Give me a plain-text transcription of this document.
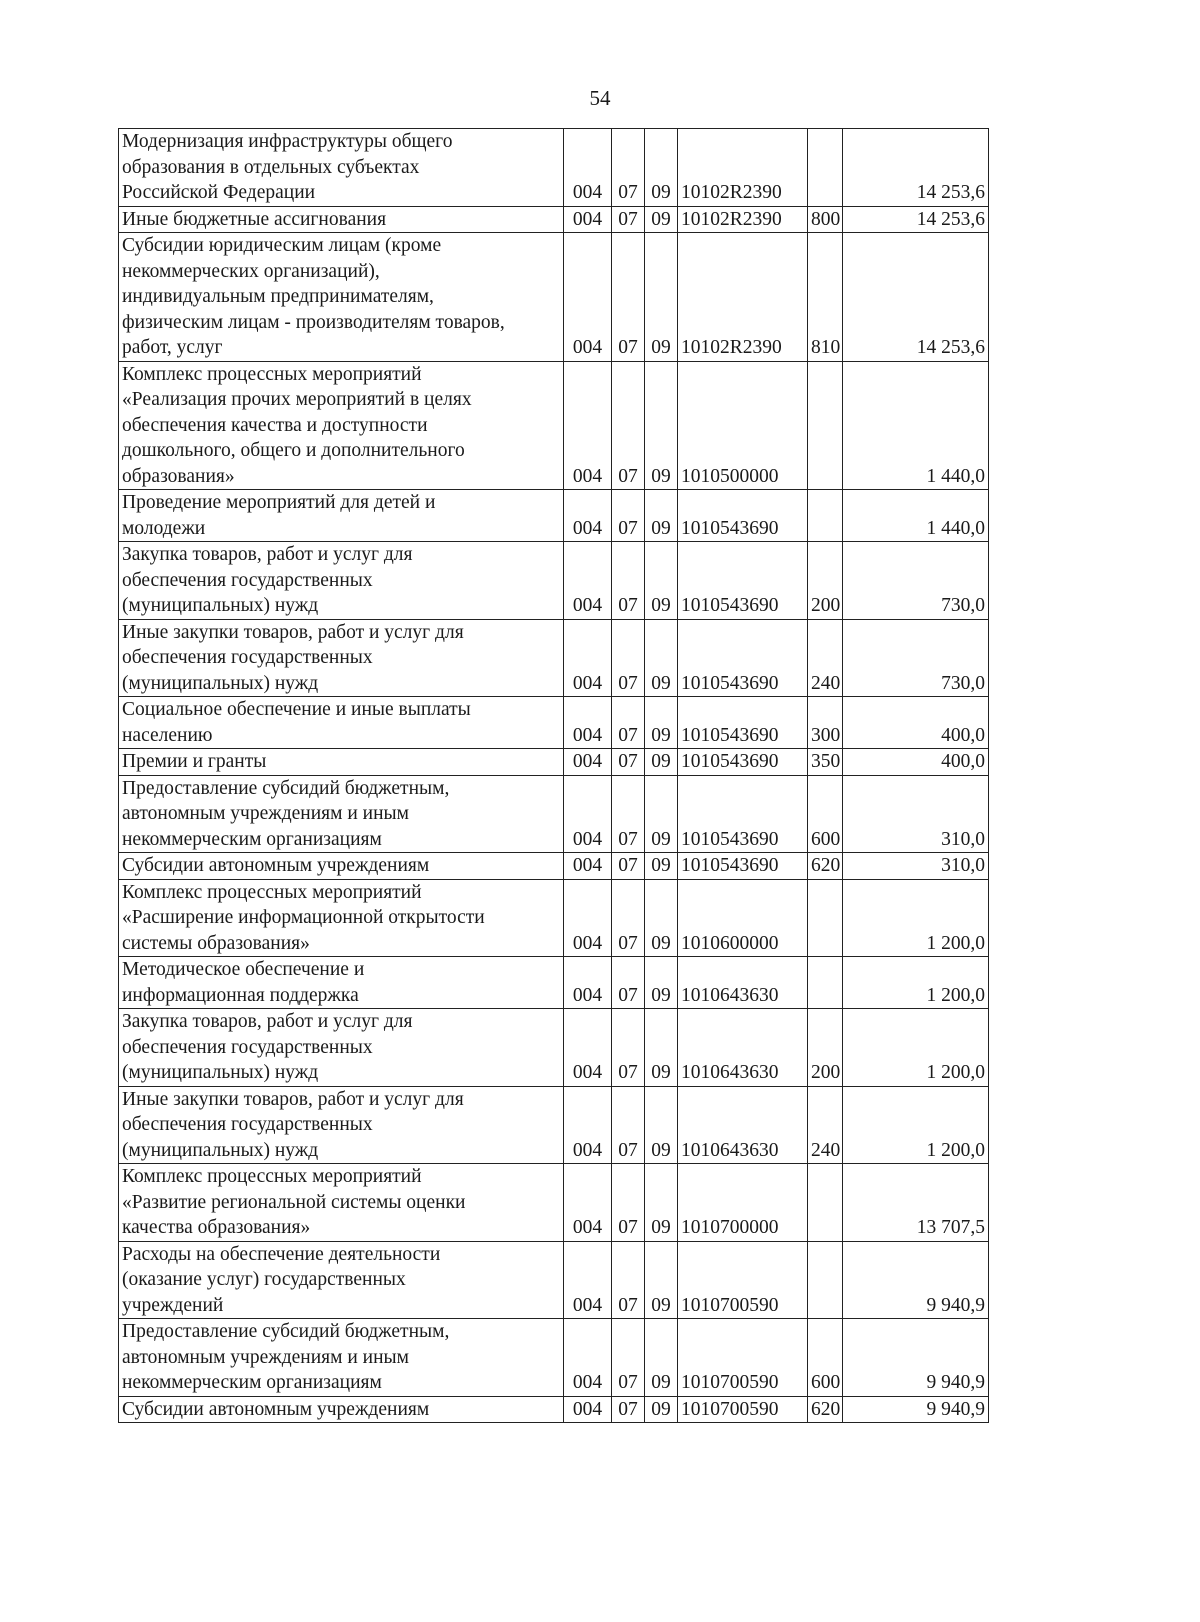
54
Модернизация инфраструктуры общего
образования в отдельных субъектах
Российской Федерации	004	07	09	10102R2390		14 253,6
Иные бюджетные ассигнования	004	07	09	10102R2390	800	14 253,6
Субсидии юридическим лицам (кроме
некоммерческих организаций),
индивидуальным предпринимателям,
физическим лицам - производителям товаров,
работ, услуг	004	07	09	10102R2390	810	14 253,6
Комплекс процессных мероприятий
«Реализация прочих мероприятий в целях
обеспечения качества и доступности
дошкольного, общего и дополнительного
образования»	004	07	09	1010500000		1 440,0
Проведение мероприятий для детей и
молодежи	004	07	09	1010543690		1 440,0
Закупка товаров, работ и услуг для
обеспечения государственных
(муниципальных) нужд	004	07	09	1010543690	200	730,0
Иные закупки товаров, работ и услуг для
обеспечения государственных
(муниципальных) нужд	004	07	09	1010543690	240	730,0
Социальное обеспечение и иные выплаты
населению	004	07	09	1010543690	300	400,0
Премии и гранты	004	07	09	1010543690	350	400,0
Предоставление субсидий бюджетным,
автономным учреждениям и иным
некоммерческим организациям	004	07	09	1010543690	600	310,0
Субсидии автономным учреждениям	004	07	09	1010543690	620	310,0
Комплекс процессных мероприятий
«Расширение информационной открытости
системы образования»	004	07	09	1010600000		1 200,0
Методическое обеспечение и
информационная поддержка	004	07	09	1010643630		1 200,0
Закупка товаров, работ и услуг для
обеспечения государственных
(муниципальных) нужд	004	07	09	1010643630	200	1 200,0
Иные закупки товаров, работ и услуг для
обеспечения государственных
(муниципальных) нужд	004	07	09	1010643630	240	1 200,0
Комплекс процессных мероприятий
«Развитие региональной системы оценки
качества образования»	004	07	09	1010700000		13 707,5
Расходы на обеспечение деятельности
(оказание услуг) государственных
учреждений	004	07	09	1010700590		9 940,9
Предоставление субсидий бюджетным,
автономным учреждениям и иным
некоммерческим организациям	004	07	09	1010700590	600	9 940,9
Субсидии автономным учреждениям	004	07	09	1010700590	620	9 940,9
